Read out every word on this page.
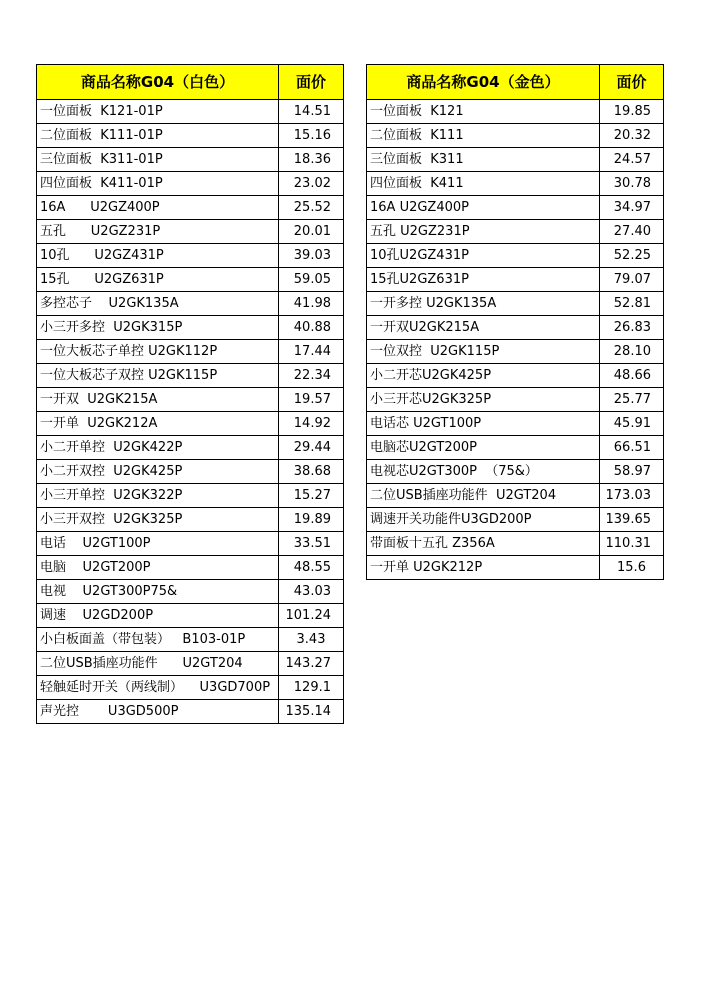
商品名称G04（白色）	面价
一位面板  K121-01P	14.51
二位面板  K111-01P	15.16
三位面板  K311-01P	18.36
四位面板  K411-01P	23.02
16A      U2GZ400P	25.52
五孔      U2GZ231P	20.01
10孔      U2GZ431P	39.03
15孔      U2GZ631P	59.05
多控芯子    U2GK135A	41.98
小三开多控  U2GK315P	40.88
一位大板芯子单控 U2GK112P	17.44
一位大板芯子双控 U2GK115P	22.34
一开双  U2GK215A	19.57
一开单  U2GK212A	14.92
小二开单控  U2GK422P	29.44
小二开双控  U2GK425P	38.68
小三开单控  U2GK322P	15.27
小三开双控  U2GK325P	19.89
电话    U2GT100P	33.51
电脑    U2GT200P	48.55
电视    U2GT300P75&	43.03
调速    U2GD200P	101.24
小白板面盖（带包装）   B103-01P	3.43
二位USB插座功能件      U2GT204	143.27
轻触延时开关（两线制）    U3GD700P	129.1
声光控       U3GD500P	135.14
商品名称G04（金色）	面价
一位面板  K121	19.85
二位面板  K111	20.32
三位面板  K311	24.57
四位面板  K411	30.78
16A U2GZ400P	34.97
五孔 U2GZ231P	27.40
10孔U2GZ431P	52.25
15孔U2GZ631P	79.07
一开多控 U2GK135A	52.81
一开双U2GK215A	26.83
一位双控  U2GK115P	28.10
小二开芯U2GK425P	48.66
小三开芯U2GK325P	25.77
电话芯 U2GT100P	45.91
电脑芯U2GT200P	66.51
电视芯U2GT300P  （75&）	58.97
二位USB插座功能件  U2GT204	173.03
调速开关功能件U3GD200P	139.65
带面板十五孔 Z356A	110.31
一开单 U2GK212P	15.6
